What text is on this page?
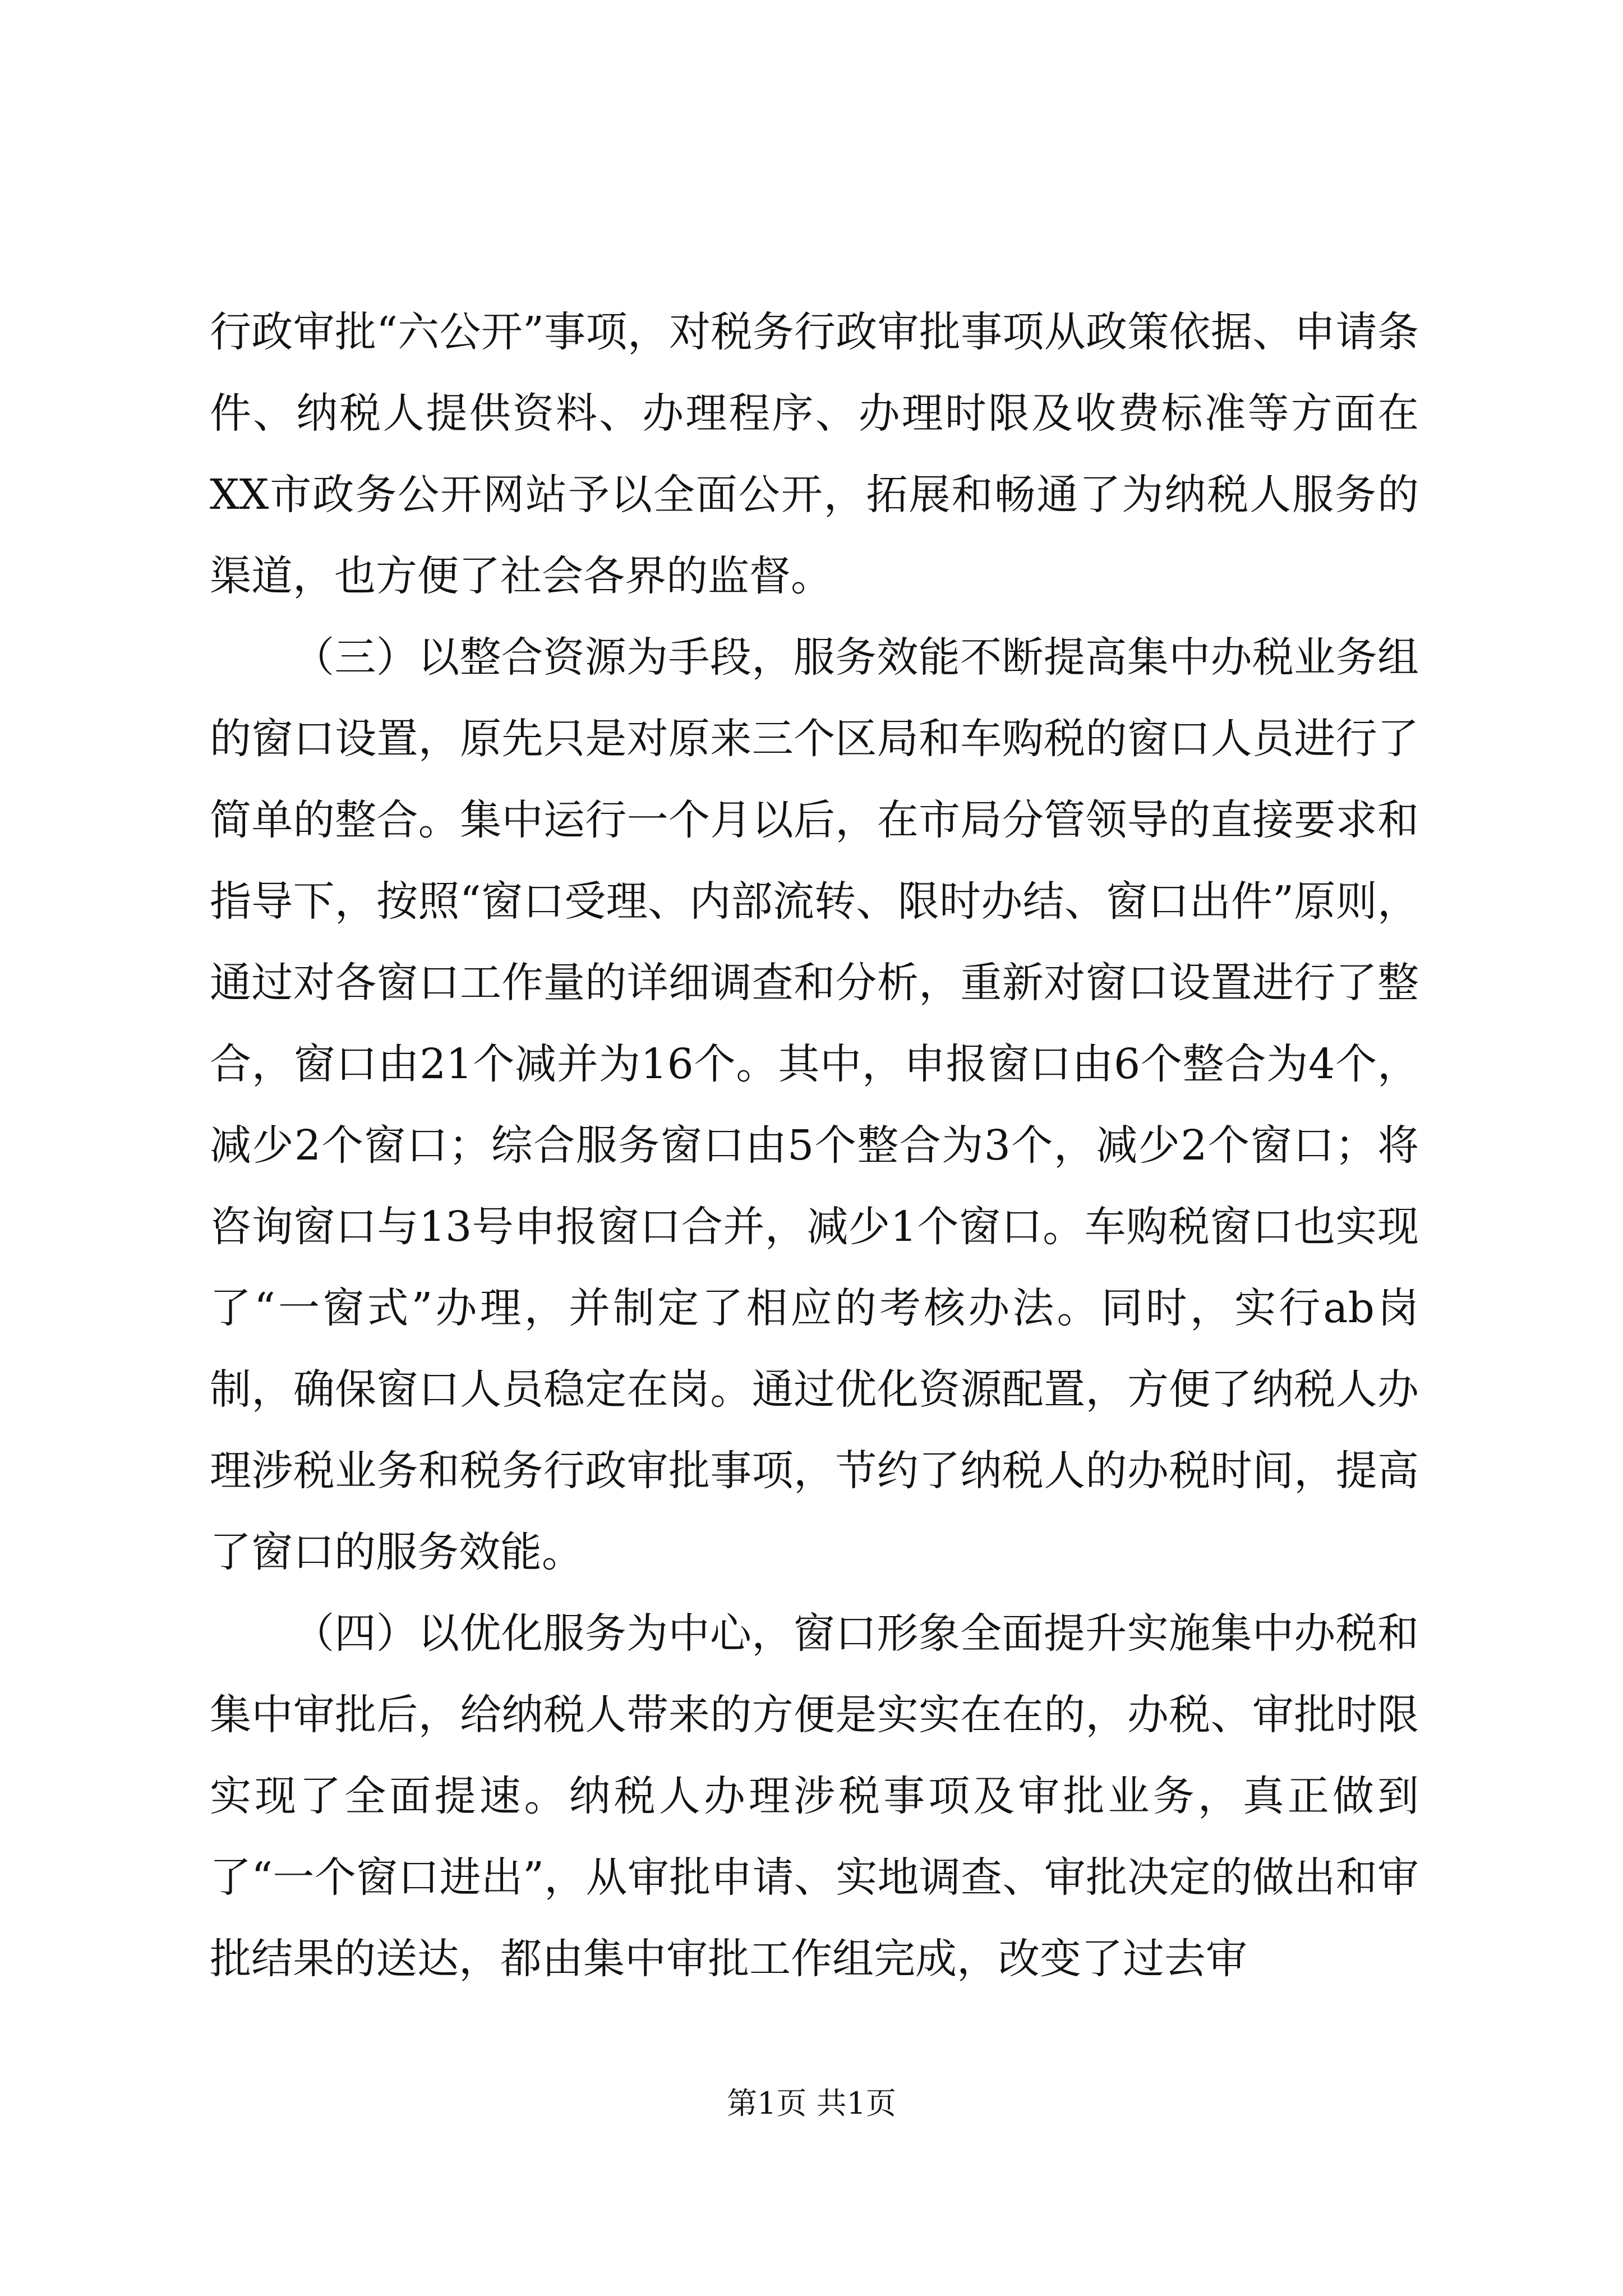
行政审批“六公开”事项，对税务行政审批事项从政策依据、申请条件、纳税人提供资料、办理程序、办理时限及收费标准等方面在XX市政务公开网站予以全面公开，拓展和畅通了为纳税人服务的渠道，也方便了社会各界的监督。

（三）以整合资源为手段，服务效能不断提高集中办税业务组的窗口设置，原先只是对原来三个区局和车购税的窗口人员进行了简单的整合。集中运行一个月以后，在市局分管领导的直接要求和指导下，按照“窗口受理、内部流转、限时办结、窗口出件”原则，通过对各窗口工作量的详细调查和分析，重新对窗口设置进行了整合，窗口由21个减并为16个。其中，申报窗口由6个整合为4个，减少2个窗口；综合服务窗口由5个整合为3个，减少2个窗口；将咨询窗口与13号申报窗口合并，减少1个窗口。车购税窗口也实现了“一窗式”办理，并制定了相应的考核办法。同时，实行ab岗制，确保窗口人员稳定在岗。通过优化资源配置，方便了纳税人办理涉税业务和税务行政审批事项，节约了纳税人的办税时间，提高了窗口的服务效能。

（四）以优化服务为中心，窗口形象全面提升实施集中办税和集中审批后，给纳税人带来的方便是实实在在的，办税、审批时限实现了全面提速。纳税人办理涉税事项及审批业务，真正做到了“一个窗口进出”，从审批申请、实地调查、审批决定的做出和审批结果的送达，都由集中审批工作组完成，改变了过去审

第1页 共1页
